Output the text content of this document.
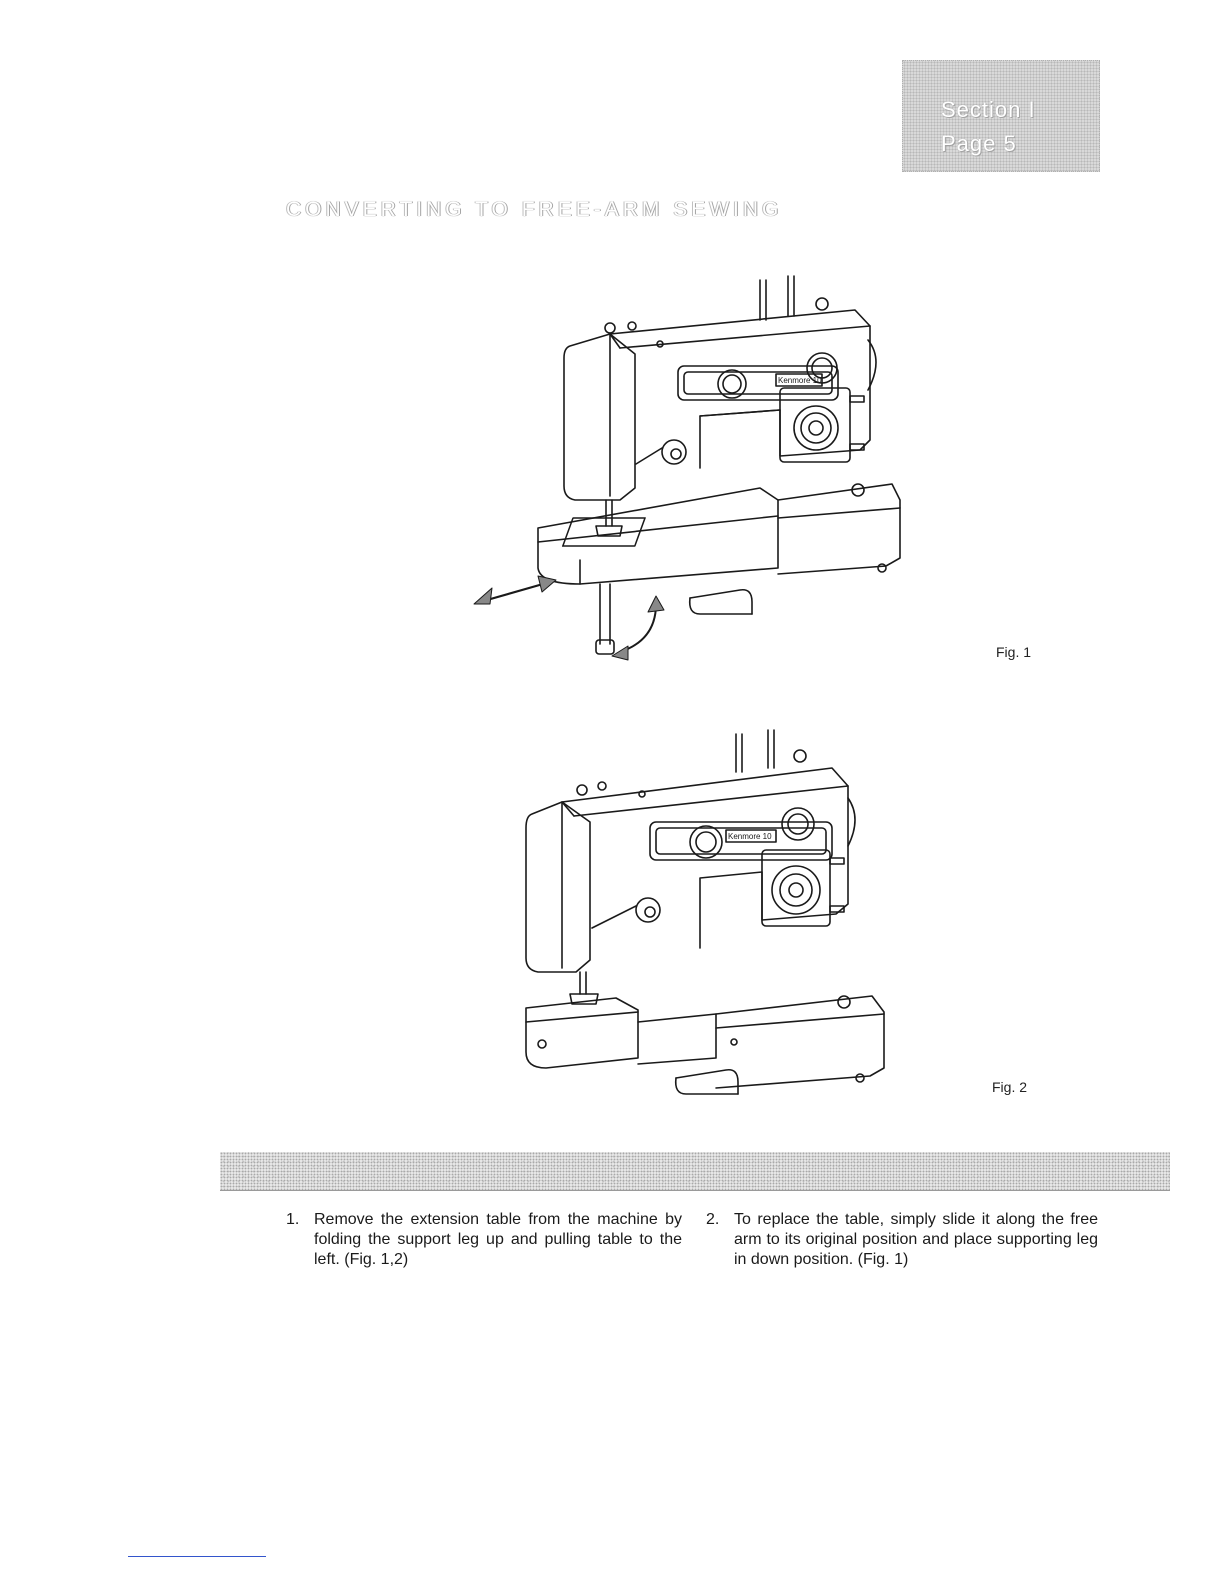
Section I
Page 5
CONVERTING TO FREE-ARM SEWING
Kenmore 10
Fig. 1
Kenmore 10
Fig. 2
1. Remove the extension table from the machine by folding the support leg up and pulling table to the left. (Fig. 1,2)
2. To replace the table, simply slide it along the free arm to its original position and place supporting leg in down position. (Fig. 1)
